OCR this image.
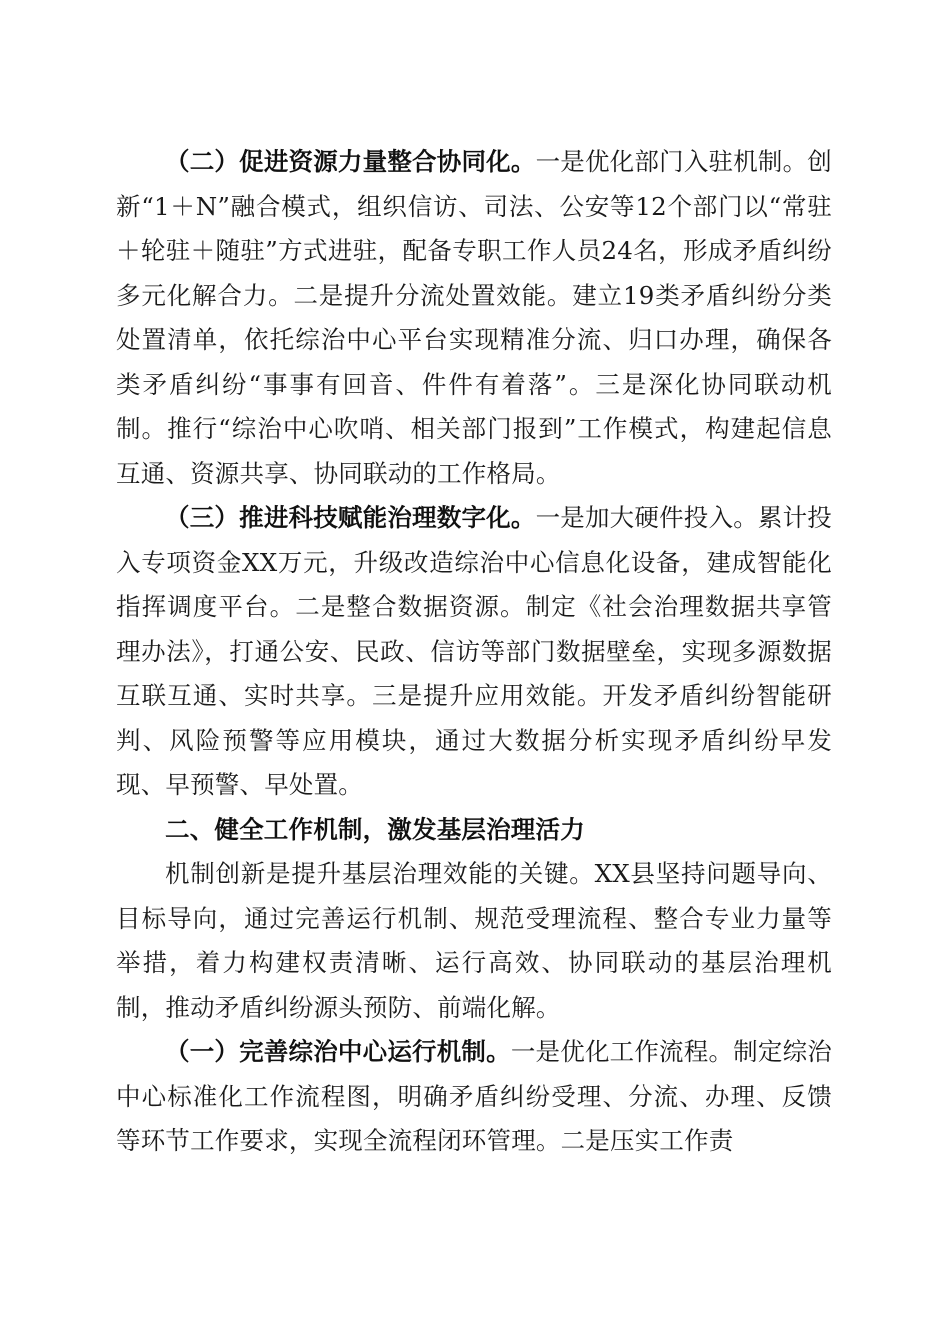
（二）促进资源力量整合协同化。一是优化部门入驻机制。创新“1＋N”融合模式，组织信访、司法、公安等12个部门以“常驻＋轮驻＋随驻”方式进驻，配备专职工作人员24名，形成矛盾纠纷多元化解合力。二是提升分流处置效能。建立19类矛盾纠纷分类处置清单，依托综治中心平台实现精准分流、归口办理，确保各类矛盾纠纷“事事有回音、件件有着落”。三是深化协同联动机制。推行“综治中心吹哨、相关部门报到”工作模式，构建起信息互通、资源共享、协同联动的工作格局。

（三）推进科技赋能治理数字化。一是加大硬件投入。累计投入专项资金XX万元，升级改造综治中心信息化设备，建成智能化指挥调度平台。二是整合数据资源。制定《社会治理数据共享管理办法》，打通公安、民政、信访等部门数据壁垒，实现多源数据互联互通、实时共享。三是提升应用效能。开发矛盾纠纷智能研判、风险预警等应用模块，通过大数据分析实现矛盾纠纷早发现、早预警、早处置。

二、健全工作机制，激发基层治理活力

机制创新是提升基层治理效能的关键。XX县坚持问题导向、目标导向，通过完善运行机制、规范受理流程、整合专业力量等举措，着力构建权责清晰、运行高效、协同联动的基层治理机制，推动矛盾纠纷源头预防、前端化解。

（一）完善综治中心运行机制。一是优化工作流程。制定综治中心标准化工作流程图，明确矛盾纠纷受理、分流、办理、反馈等环节工作要求，实现全流程闭环管理。二是压实工作责
